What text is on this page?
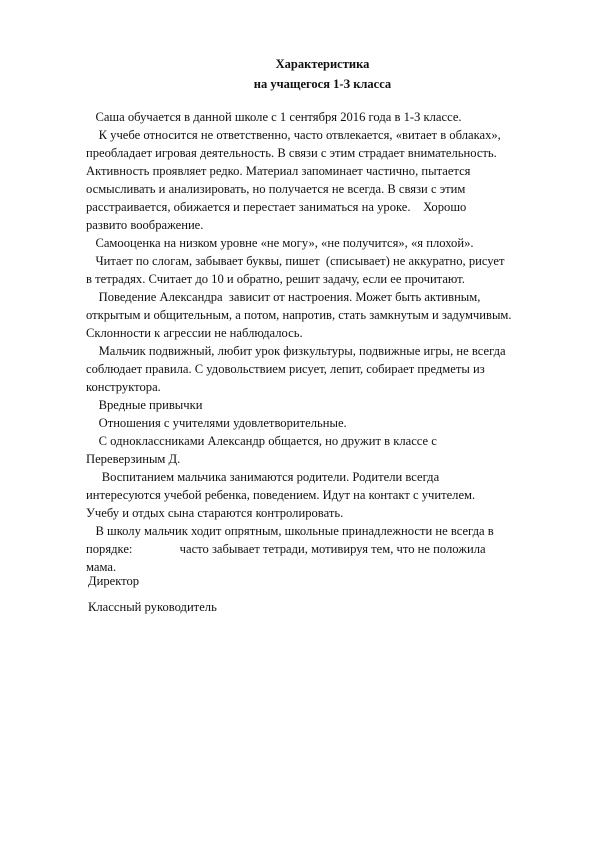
Характеристика
на учащегося 1-З класса
Саша обучается в данной школе с 1 сентября 2016 года в 1-З классе.
К учебе относится не ответственно, часто отвлекается, «витает в облаках»,
преобладает игровая деятельность. В связи с этим страдает внимательность.
Активность проявляет редко. Материал запоминает частично, пытается
осмысливать и анализировать, но получается не всегда. В связи с этим
расстраивается, обижается и перестает заниматься на уроке.    Хорошо
развито воображение.
Самооценка на низком уровне «не могу», «не получится», «я плохой».
Читает по слогам, забывает буквы, пишет  (списывает) не аккуратно, рисует
в тетрадях. Считает до 10 и обратно, решит задачу, если ее прочитают.
Поведение Александра  зависит от настроения. Может быть активным,
открытым и общительным, а потом, напротив, стать замкнутым и задумчивым.
Склонности к агрессии не наблюдалось.
Мальчик подвижный, любит урок физкультуры, подвижные игры, не всегда
соблюдает правила. С удовольствием рисует, лепит, собирает предметы из
конструктора.
Вредные привычки
Отношения с учителями удовлетворительные.
С одноклассниками Александр общается, но дружит в классе с
Переверзиным Д.
Воспитанием мальчика занимаются родители. Родители всегда
интересуются учебой ребенка, поведением. Идут на контакт с учителем.
Учебу и отдых сына стараются контролировать.
В школу мальчик ходит опрятным, школьные принадлежности не всегда в
порядке:               часто забывает тетради, мотивируя тем, что не положила
мама.
Директор
Классный руководитель
